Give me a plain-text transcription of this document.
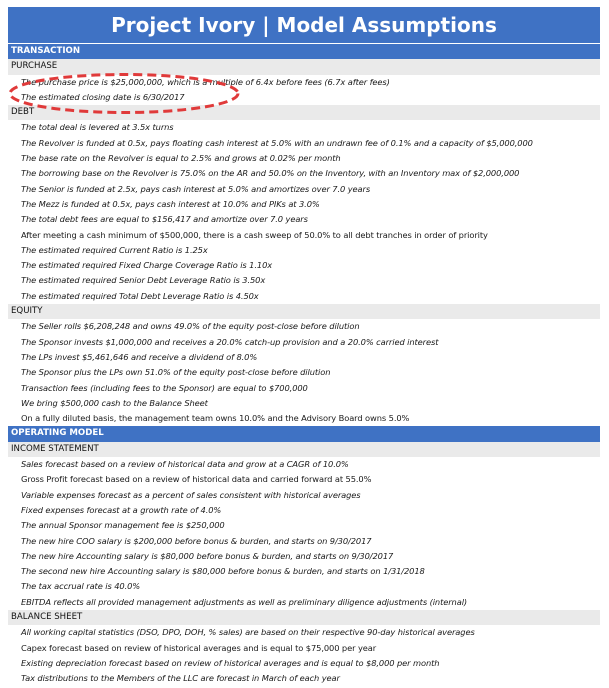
Project Ivory | Model Assumptions
TRANSACTION
PURCHASE
The purchase price is $25,000,000, which is a multiple of 6.4x before fees (6.7x after fees)
The estimated closing date is 6/30/2017
DEBT
The total deal is levered at 3.5x turns
The Revolver is funded at 0.5x, pays floating cash interest at 5.0% with an undrawn fee of 0.1% and a capacity of $5,000,000
The base rate on the Revolver is equal to 2.5% and grows at 0.02% per month
The borrowing base on the Revolver is 75.0% on the AR and 50.0% on the Inventory, with an Inventory max of $2,000,000
The Senior is funded at 2.5x, pays cash interest at 5.0% and amortizes over 7.0 years
The Mezz is funded at 0.5x, pays cash interest at 10.0% and PIKs at 3.0%
The total debt fees are equal to $156,417 and amortize over 7.0 years
After meeting a cash minimum of $500,000, there is a cash sweep of 50.0% to all debt tranches in order of priority
The estimated required Current Ratio is 1.25x
The estimated required Fixed Charge Coverage Ratio is 1.10x
The estimated required Senior Debt Leverage Ratio is 3.50x
The estimated required Total Debt Leverage Ratio is 4.50x
EQUITY
The Seller rolls $6,208,248 and owns 49.0% of the equity post-close before dilution
The Sponsor invests $1,000,000 and receives a 20.0% catch-up provision and a 20.0% carried interest
The LPs invest $5,461,646 and receive a dividend of 8.0%
The Sponsor plus the LPs own 51.0% of the equity post-close before dilution
Transaction fees (including fees to the Sponsor) are equal to $700,000
We bring $500,000 cash to the Balance Sheet
On a fully diluted basis, the management team owns 10.0% and the Advisory Board owns 5.0%
OPERATING MODEL
INCOME STATEMENT
Sales forecast based on a review of historical data and grow at a CAGR of 10.0%
Gross Profit forecast based on a review of historical data and carried forward at 55.0%
Variable expenses forecast as a percent of sales consistent with historical averages
Fixed expenses forecast at a growth rate of 4.0%
The annual Sponsor management fee is $250,000
The new hire COO salary is $200,000 before bonus & burden, and starts on 9/30/2017
The new hire Accounting salary is $80,000 before bonus & burden, and starts on 9/30/2017
The second new hire Accounting salary is $80,000 before bonus & burden, and starts on 1/31/2018
The tax accrual rate is 40.0%
EBITDA reflects all provided management adjustments as well as preliminary diligence adjustments (internal)
BALANCE SHEET
All working capital statistics (DSO, DPO, DOH, % sales) are based on their respective 90-day historical averages
Capex forecast based on review of historical averages and is equal to $75,000 per year
Existing depreciation forecast based on review of historical averages and is equal to $8,000 per month
Tax distributions to the Members of the LLC are forecast in March of each year
